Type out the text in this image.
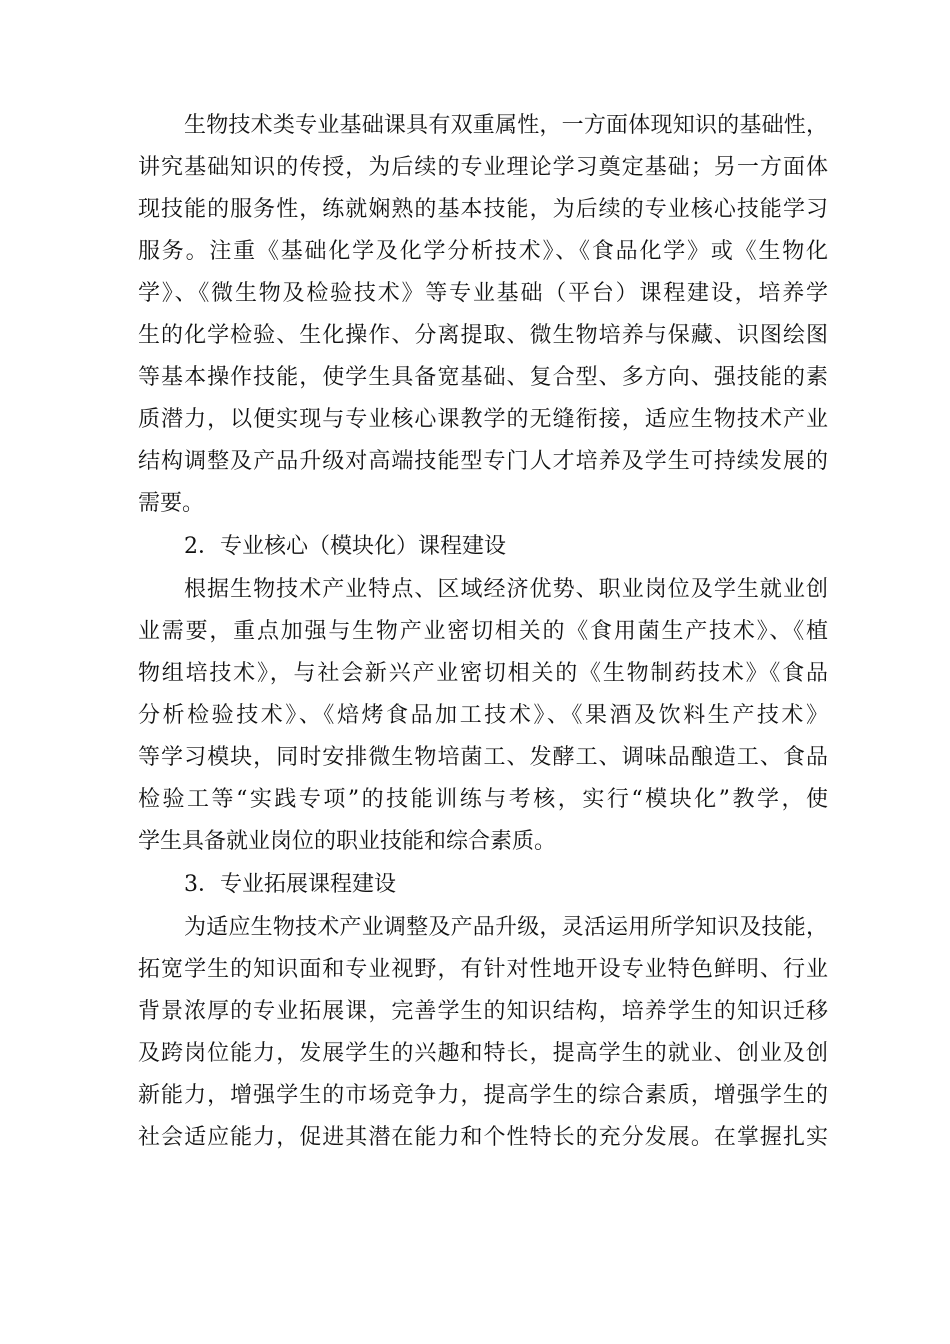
生物技术类专业基础课具有双重属性，一方面体现知识的基础性，
讲究基础知识的传授，为后续的专业理论学习奠定基础；另一方面体
现技能的服务性，练就娴熟的基本技能，为后续的专业核心技能学习
服务。注重《基础化学及化学分析技术》、《食品化学》或《生物化
学》、《微生物及检验技术》等专业基础（平台）课程建设，培养学
生的化学检验、生化操作、分离提取、微生物培养与保藏、识图绘图
等基本操作技能，使学生具备宽基础、复合型、多方向、强技能的素
质潜力，以便实现与专业核心课教学的无缝衔接，适应生物技术产业
结构调整及产品升级对高端技能型专门人才培养及学生可持续发展的
需要。
2．专业核心（模块化）课程建设
根据生物技术产业特点、区域经济优势、职业岗位及学生就业创
业需要，重点加强与生物产业密切相关的《食用菌生产技术》、《植
物组培技术》，与社会新兴产业密切相关的《生物制药技术》《食品
分析检验技术》、《焙烤食品加工技术》、《果酒及饮料生产技术》
等学习模块，同时安排微生物培菌工、发酵工、调味品酿造工、食品
检验工等“实践专项”的技能训练与考核，实行“模块化”教学，使
学生具备就业岗位的职业技能和综合素质。
3．专业拓展课程建设
为适应生物技术产业调整及产品升级，灵活运用所学知识及技能，
拓宽学生的知识面和专业视野，有针对性地开设专业特色鲜明、行业
背景浓厚的专业拓展课，完善学生的知识结构，培养学生的知识迁移
及跨岗位能力，发展学生的兴趣和特长，提高学生的就业、创业及创
新能力，增强学生的市场竞争力，提高学生的综合素质，增强学生的
社会适应能力，促进其潜在能力和个性特长的充分发展。在掌握扎实
